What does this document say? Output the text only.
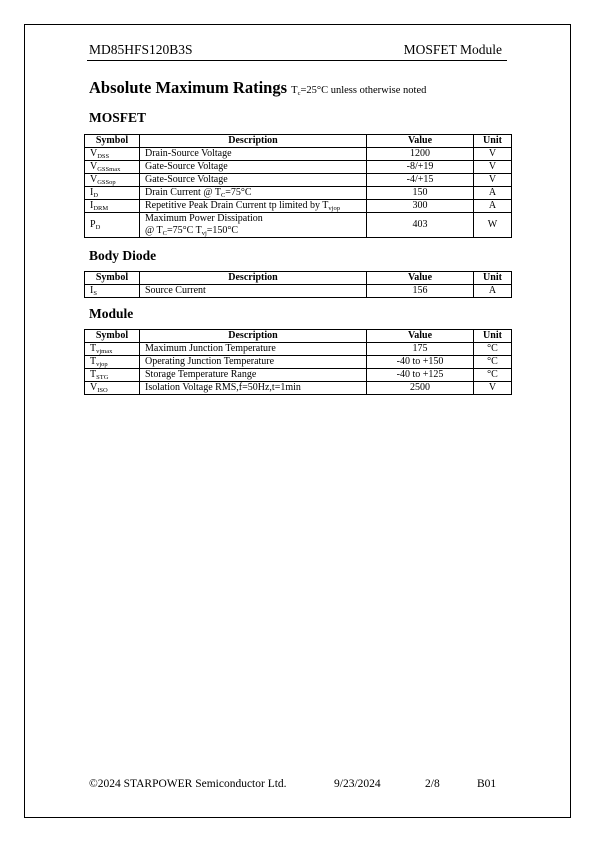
MD85HFS120B3S	MOSFET Module
Absolute Maximum Ratings $T_c=25^\circ C$ unless otherwise noted
MOSFET
Symbol	Description	Value	Unit
$V_{DSS}$	Drain-Source Voltage	1200	V
$V_{GSSmax}$	Gate-Source Voltage	-8/+19	V
$V_{GSSop}$	Gate-Source Voltage	-4/+15	V
$I_D$	Drain Current @ $T_C=75^\circ C$	150	A
$I_{DRM}$	Repetitive Peak Drain Current tp limited by $T_{vjop}$	300	A
$P_D$	Maximum Power Dissipation
@ $T_C=75^\circ C$ $T_{vj}=150^\circ C$	403	W
Body Diode
Symbol	Description	Value	Unit
$I_S$	Source Current	156	A
Module
Symbol	Description	Value	Unit
$T_{vjmax}$	Maximum Junction Temperature	175	°C
$T_{vjop}$	Operating Junction Temperature	-40 to +150	°C
$T_{STG}$	Storage Temperature Range	-40 to +125	°C
$V_{ISO}$	Isolation Voltage RMS,f=50Hz,t=1min	2500	V
©2024 STARPOWER Semiconductor Ltd.	9/23/2024	2/8	B01
